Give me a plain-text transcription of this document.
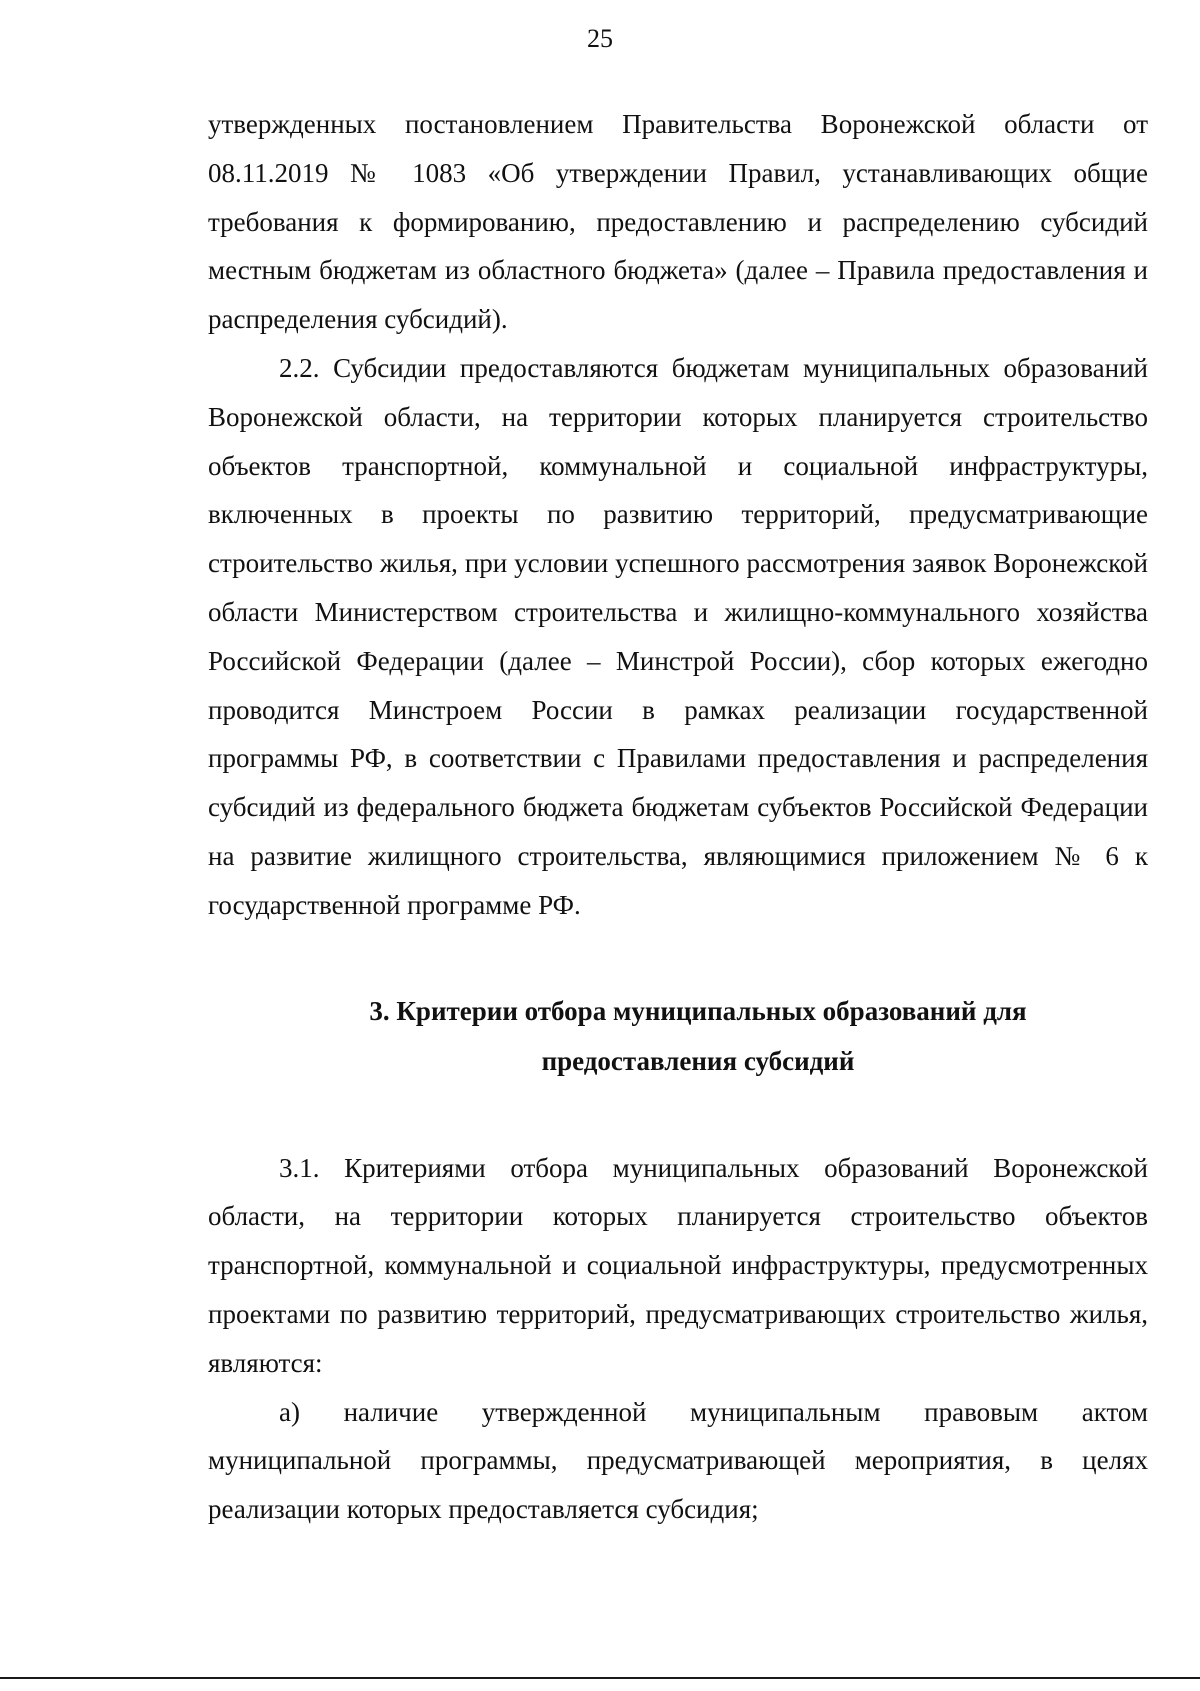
25

утвержденных постановлением Правительства Воронежской области от 08.11.2019 № 1083 «Об утверждении Правил, устанавливающих общие требования к формированию, предоставлению и распределению субсидий местным бюджетам из областного бюджета» (далее – Правила предоставления и распределения субсидий).

2.2. Субсидии предоставляются бюджетам муниципальных образований Воронежской области, на территории которых планируется строительство объектов транспортной, коммунальной и социальной инфраструктуры, включенных в проекты по развитию территорий, предусматривающие строительство жилья, при условии успешного рассмотрения заявок Воронежской области Министерством строительства и жилищно-коммунального хозяйства Российской Федерации (далее – Минстрой России), сбор которых ежегодно проводится Минстроем России в рамках реализации государственной программы РФ, в соответствии с Правилами предоставления и распределения субсидий из федерального бюджета бюджетам субъектов Российской Федерации на развитие жилищного строительства, являющимися приложением № 6 к государственной программе РФ.

3. Критерии отбора муниципальных образований для
предоставления субсидий

3.1. Критериями отбора муниципальных образований Воронежской области, на территории которых планируется строительство объектов транспортной, коммунальной и социальной инфраструктуры, предусмотренных проектами по развитию территорий, предусматривающих строительство жилья, являются:

а) наличие утвержденной муниципальным правовым актом муниципальной программы, предусматривающей мероприятия, в целях реализации которых предоставляется субсидия;
